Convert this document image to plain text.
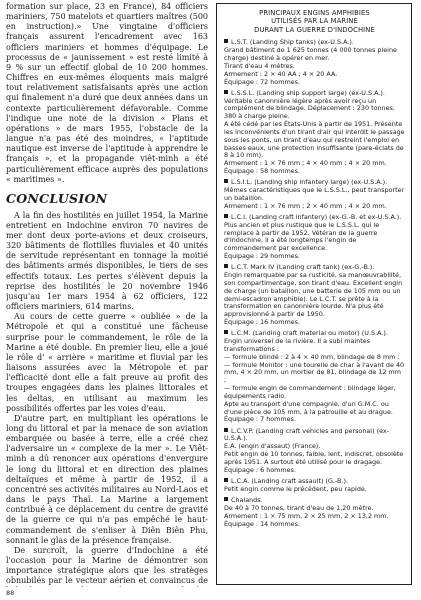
formation sur place, 23 en France), 84 officiers mariniers, 750 matelots et quartiers maîtres (500 en instruction).» Une vingtaine d'officiers français assurent l'encadrement avec 163 officiers mariniers et hommes d'équipage. Le processus de « jaunissement » est resté limité à 9 % sur un effectif global de 10 200 hommes. Chiffres en eux-mêmes éloquents mais malgré tout relativement satisfaisants après une action qui finalement n'a duré que deux années dans un contexte particulièrement défavorable. Comme l'indique une note de la division « Plans et opérations » de mars 1955, l'obstacle de la langue n'a pas été des moindres, « l'aptitude nautique est inverse de l'aptitude à apprendre le français », et la propagande viêt-minh a été particulièrement efficace auprès des populations « maritimes ».

CONCLUSION

A la fin des hostilités en juillet 1954, la Marine entretient en Indochine environ 70 navires de mer dont deux porte-avions et deux croiseurs, 320 bâtiments de flottilles fluviales et 40 unités de servitude représentant en tonnage la moitié des bâtiments armés disponibles, le tiers de ses effectifs totaux. Les pertes s'élèvent depuis la reprise des hostilités le 20 novembre 1946 jusqu'au 1er mars 1954 à 62 officiers, 122 officiers mariniers, 614 marins.

Au cours de cette guerre « oubliée » de la Métropole et qui a constitué une fâcheuse surprise pour le commandement, le rôle de la Marine a été double. En premier lieu, elle a joué le rôle d' « arrière » maritime et fluvial par les liaisons assurées avec la Métropole et par l'efficacité dont elle a fait preuve au profit des troupes engagées dans les plaines littorales et les deltas, en utilisant au maximum les possibilités offertes par les voies d'eau.

D'autre part, en multipliant les opérations le long du littoral et par la menace de son aviation embarquée ou basée à terre, elle a créé chez l'adversaire un « complexe de la mer ». Le Viêt-minh a dû renoncer aux opérations d'envergure le long du littoral et en direction des plaines deltaïques et même à partir de 1952, il a concentré ses activités militaires au Nord-Laos et dans le pays Thaï. La Marine a largement contribué à ce déplacement du centre de gravité de la guerre ce qui n'a pas empêché le haut-commandement de s'enliser à Diên Biên Phu, sonnant le glas de la présence française.

De surcroît, la guerre d'Indochine a été l'occasion pour la Marine de démontrer son importance stratégique alors que les stratèges obnubilés par le vecteur aérien et convaincus de

88
PRINCIPAUX ENGINS AMPHIBIES
UTILISÉS PAR LA MARINE
DURANT LA GUERRE D'INDOCHINE

L.S.T. (Landing Ship tanks) (ex-U.S.A.).

Grand bâtiment de 1 625 tonnes (4 000 tonnes pleine charge) destiné à opérer en mer.

Tirant d'eau 4 mètres.

Armement : 2 × 40 AA ; 4 × 20 AA.

Équipage : 72 hommes.

L.S.S.L. (Landing ship support large) (ex-U.S.A.).

Véritable canonnière légère après avoir reçu un complément de blindage. Déplacement : 230 tonnes, 380 à charge pleine.

A été cédé par les États-Unis à partir de 1951. Présente les inconvénients d'un tirant d'air qui interdit le passage sous les ponts, un tirant d'eau qui restreint l'emploi en basses eaux, une protection insuffisante (pare-éclats de 8 à 10 mm).

Armement : 1 × 76 mm ; 4 × 40 mm ; 4 × 20 mm.

Équipage : 58 hommes.

L.S.I.L. (Landing ship infantery large) (ex-U.S.A.).

Mêmes caractéristiques que le L.S.S.L., peut transporter un bataillon.

Armement : 1 × 76 mm ; 2 × 40 mm ; 4 × 20 mm.

L.C.I. (Landing craft infantery) (ex-G.-B. et ex-U.S.A.).

Plus ancien et plus rustique que le L.S.S.L. qui le remplace à partir de 1952. Vétéran de la guerre d'Indochine, il a été longtemps l'engin de commandement par excellence.

Équipage : 29 hommes.

L.C.T. Mark IV (Landing craft tank) (ex-G.-B.).

Engin remarquable par sa rusticité, sa manœuvrabilité, son compartimentage, son tirant d'eau. Excellent engin de charge (un bataillon, une batterie de 105 mm ou un demi-escadron amphibie). Le L.C.T. se prête à la transformation en canonnière lourde. N'a plus été approvisionné à partir de 1950.

Équipage : 16 hommes.

L.C.M. (Landing craft material ou motor) (U.S.A.).

Engin universel de la rivière. Il a subi maintes transformations :

— formule blindé : 2 à 4 × 40 mm, blindage de 8 mm ;

— formule Monitor : une tourelle de char à l'avant de 40 mm, 4 × 20 mm, un mortier de 81, blindage de 12 mm ;

— formule engin de commandement : blindage léger, équipements radio.

Apte au transport d'une compagnie, d'un G.M.C. ou d'une pièce de 105 mm, à la patrouille et au drague.

Équipage : 7 hommes.

L.C.V.P. (Landing craft vehicles and personal) (ex-U.S.A.).

E.A. (engin d'assaut) (France).

Petit engin de 10 tonnes, faible, lent, indiscret, obsolète après 1951. A surtout été utilisé pour le dragage.

Équipage : 6 hommes.

L.C.A. (Landing craft assault) (G.-B.).

Petit engin comme le précédent, peu rapide.

Chalands.

De 40 à 70 tonnes, tirant d'eau de 1,20 mètre.

Armement : 1 × 75 mm, 2 × 25 mm, 2 × 13,2 mm.

Équipage : 14 hommes.
